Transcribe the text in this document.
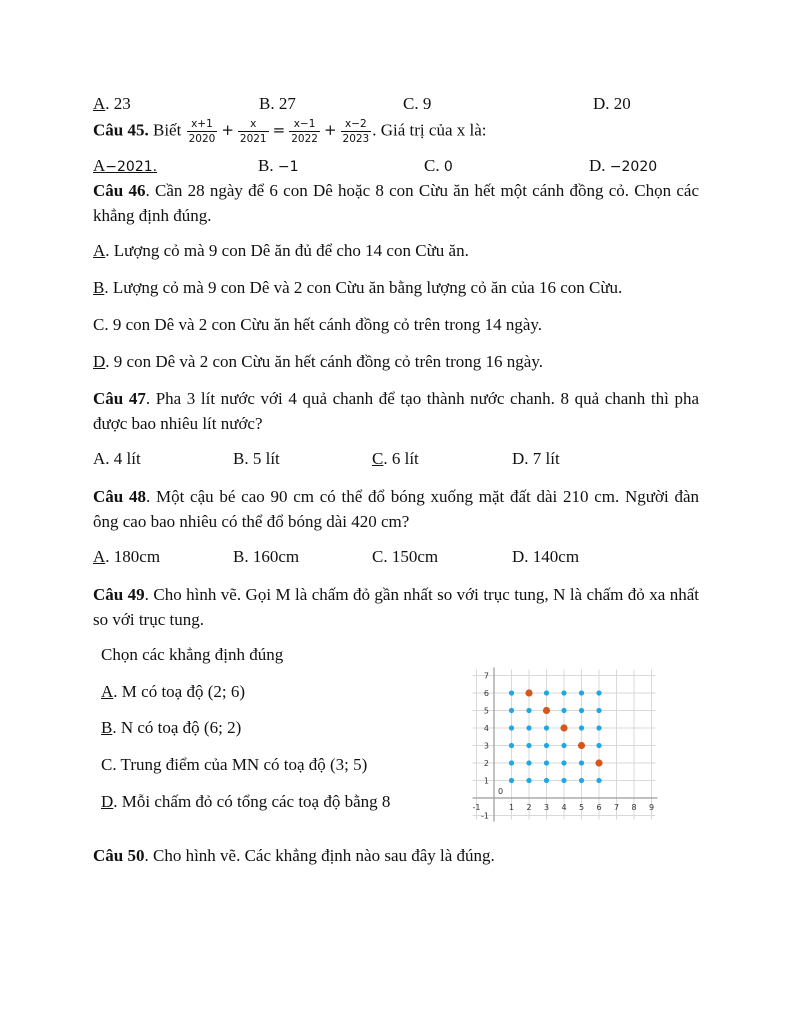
A. 23	B. 27	C. 9	D. 20
Câu 45. Biết $\frac{x+1}{2020} + \frac{x}{2021} = \frac{x-1}{2022} + \frac{x-2}{2023}$ . Giá trị của x là:
A−2021.	B. −1	C. 0	D. −2020
Câu 46. Cần 28 ngày để 6 con Dê hoặc 8 con Cừu ăn hết một cánh đồng cỏ. Chọn các khẳng định đúng.
A. Lượng cỏ mà 9 con Dê ăn đủ để cho 14 con Cừu ăn.
B. Lượng cỏ mà 9 con Dê và 2 con Cừu ăn bằng lượng cỏ ăn của 16 con Cừu.
C. 9 con Dê và 2 con Cừu ăn hết cánh đồng cỏ trên trong 14 ngày.
D. 9 con Dê và 2 con Cừu ăn hết cánh đồng cỏ trên trong 16 ngày.
Câu 47. Pha 3 lít nước với 4 quả chanh để tạo thành nước chanh. 8 quả chanh thì pha được bao nhiêu lít nước?
A. 4 lít	B. 5 lít	C. 6 lít	D. 7 lít
Câu 48. Một cậu bé cao 90 cm có thể đổ bóng xuống mặt đất dài 210 cm. Người đàn ông cao bao nhiêu có thể đổ bóng dài 420 cm?
A. 180cm	B. 160cm	C. 150cm	D. 140cm
Câu 49. Cho hình vẽ. Gọi M là chấm đỏ gần nhất so với trục tung, N là chấm đỏ xa nhất so với trục tung.
Chọn các khẳng định đúng
A. M có toạ độ (2; 6)
B. N có toạ độ (6; 2)
C. Trung điểm của MN có toạ độ (3; 5)
D. Mỗi chấm đỏ có tổng các toạ độ bằng 8	-1	1 2 3 4 5 6 7 8 9
7
6
5
4
3
2
1
-1
0
Câu 50. Cho hình vẽ. Các khẳng định nào sau đây là đúng.
